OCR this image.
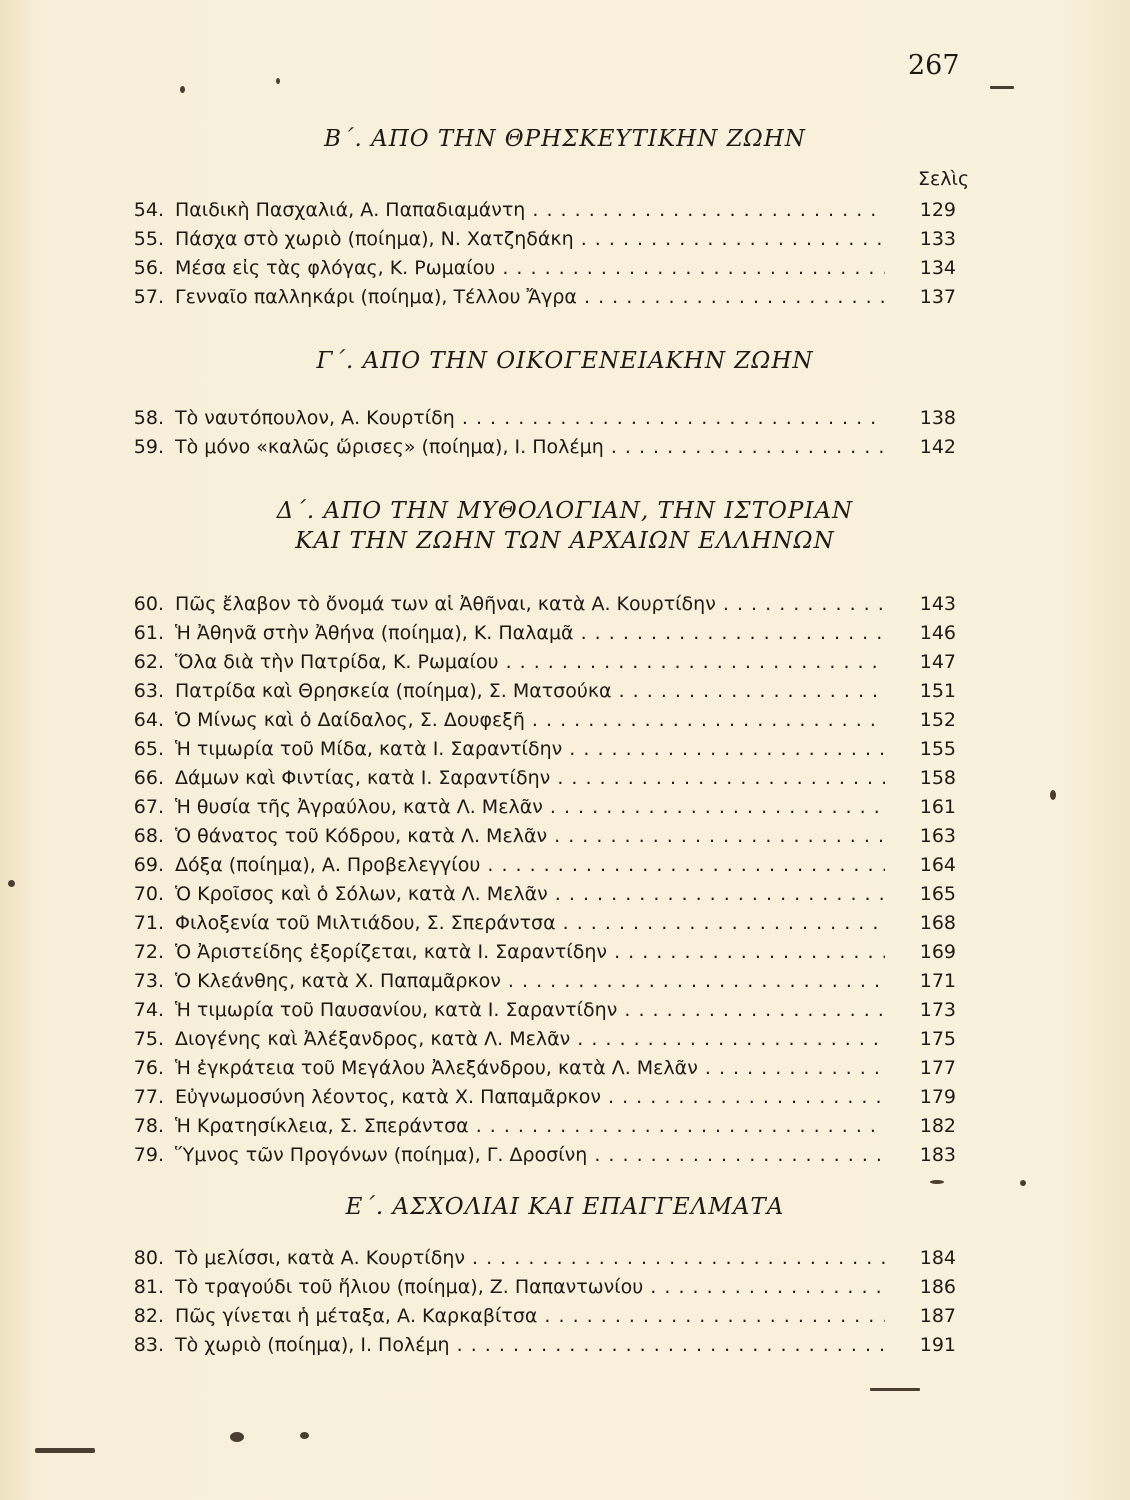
267
Β΄. ΑΠΟ ΤΗΝ ΘΡΗΣΚΕΥΤΙΚΗΝ ΖΩΗΝ
Σελὶς
54. Παιδικὴ Πασχαλιά, Α. Παπαδιαμάντη . . .	129
55. Πάσχα στὸ χωριὸ (ποίημα), Ν. Χατζηδάκη . . .	133
56. Μέσα εἰς τὰς φλόγας, Κ. Ρωμαίου . . .	134
57. Γενναῖο παλληκάρι (ποίημα), Τέλλου Ἄγρα . . .	137
Γ΄. ΑΠΟ ΤΗΝ ΟΙΚΟΓΕΝΕΙΑΚΗΝ ΖΩΗΝ
58. Τὸ ναυτόπουλον, Α. Κουρτίδη . . .	138
59. Τὸ μόνο «καλῶς ὥρισες» (ποίημα), Ι. Πολέμη . . .	142
Δ΄. ΑΠΟ ΤΗΝ ΜΥΘΟΛΟΓΙΑΝ, ΤΗΝ ΙΣΤΟΡΙΑΝ
ΚΑΙ ΤΗΝ ΖΩΗΝ ΤΩΝ ΑΡΧΑΙΩΝ ΕΛΛΗΝΩΝ
60. Πῶς ἔλαβον τὸ ὄνομά των αἱ Ἀθῆναι, κατὰ Α. Κουρτίδην . . .	143
61. Ἡ Ἀθηνᾶ στὴν Ἀθήνα (ποίημα), Κ. Παλαμᾶ . . .	146
62. Ὅλα διὰ τὴν Πατρίδα, Κ. Ρωμαίου . . .	147
63. Πατρίδα καὶ Θρησκεία (ποίημα), Σ. Ματσούκα . . .	151
64. Ὁ Μίνως καὶ ὁ Δαίδαλος, Σ. Δουφεξῆ . . .	152
65. Ἡ τιμωρία τοῦ Μίδα, κατὰ Ι. Σαραντίδην . . .	155
66. Δάμων καὶ Φιντίας, κατὰ Ι. Σαραντίδην . . .	158
67. Ἡ θυσία τῆς Ἀγραύλου, κατὰ Λ. Μελᾶν . . .	161
68. Ὁ θάνατος τοῦ Κόδρου, κατὰ Λ. Μελᾶν . . .	163
69. Δόξα (ποίημα), Α. Προβελεγγίου . . .	164
70. Ὁ Κροῖσος καὶ ὁ Σόλων, κατὰ Λ. Μελᾶν . . .	165
71. Φιλοξενία τοῦ Μιλτιάδου, Σ. Σπεράντσα . . .	168
72. Ὁ Ἀριστείδης ἐξορίζεται, κατὰ Ι. Σαραντίδην . . .	169
73. Ὁ Κλεάνθης, κατὰ Χ. Παπαμᾶρκον . . .	171
74. Ἡ τιμωρία τοῦ Παυσανίου, κατὰ Ι. Σαραντίδην . . .	173
75. Διογένης καὶ Ἀλέξανδρος, κατὰ Λ. Μελᾶν . . .	175
76. Ἡ ἐγκράτεια τοῦ Μεγάλου Ἀλεξάνδρου, κατὰ Λ. Μελᾶν . . .	177
77. Εὐγνωμοσύνη λέοντος, κατὰ Χ. Παπαμᾶρκον . . .	179
78. Ἡ Κρατησίκλεια, Σ. Σπεράντσα . . .	182
79. Ὕμνος τῶν Προγόνων (ποίημα), Γ. Δροσίνη . . .	183
Ε΄. ΑΣΧΟΛΙΑΙ ΚΑΙ ΕΠΑΓΓΕΛΜΑΤΑ
80. Τὸ μελίσσι, κατὰ Α. Κουρτίδην . . .	184
81. Τὸ τραγούδι τοῦ ἥλιου (ποίημα), Ζ. Παπαντωνίου . . .	186
82. Πῶς γίνεται ἡ μέταξα, Α. Καρκαβίτσα . . .	187
83. Τὸ χωριὸ (ποίημα), Ι. Πολέμη . . .	191
